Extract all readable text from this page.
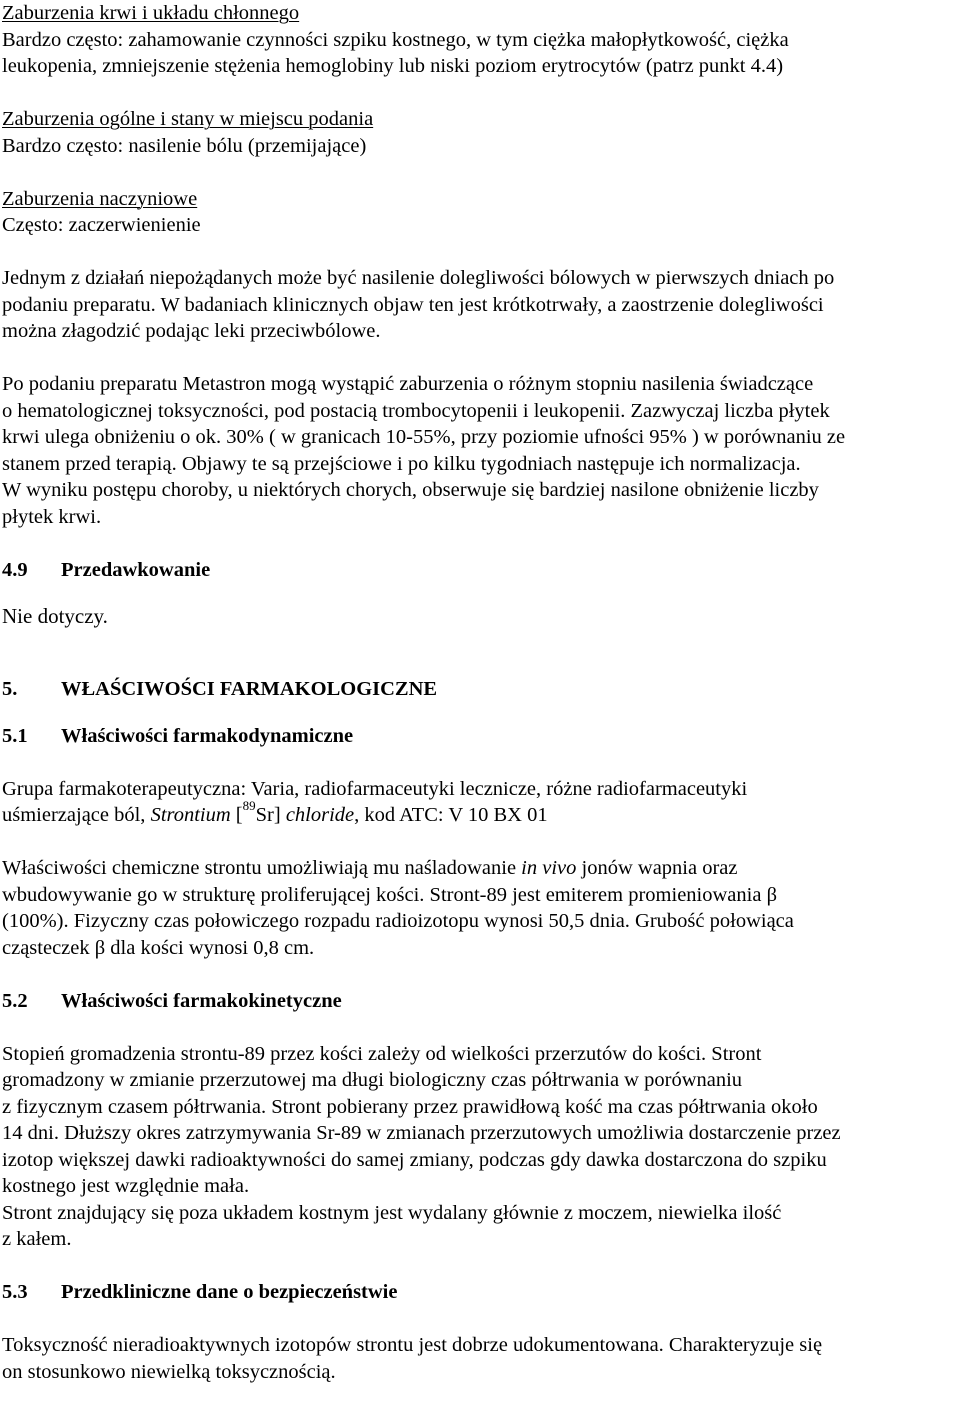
Zaburzenia krwi i układu chłonnego

Bardzo często: zahamowanie czynności szpiku kostnego, w tym ciężka małopłytkowość, ciężka

leukopenia, zmniejszenie stężenia hemoglobiny lub niski poziom erytrocytów (patrz punkt 4.4)

Zaburzenia ogólne i stany w miejscu podania

Bardzo często: nasilenie bólu (przemijające)

Zaburzenia naczyniowe

Często: zaczerwienienie

Jednym z działań niepożądanych może być nasilenie dolegliwości bólowych w pierwszych dniach po

podaniu preparatu. W badaniach klinicznych objaw ten jest krótkotrwały, a zaostrzenie dolegliwości

można złagodzić podając leki przeciwbólowe.

Po podaniu preparatu Metastron mogą wystąpić zaburzenia o różnym stopniu nasilenia świadczące

o hematologicznej toksyczności, pod postacią trombocytopenii i leukopenii. Zazwyczaj liczba płytek

krwi ulega obniżeniu o ok. 30% ( w granicach 10-55%, przy poziomie ufności 95% ) w porównaniu ze

stanem przed terapią. Objawy te są przejściowe i po kilku tygodniach następuje ich normalizacja.

W wyniku postępu choroby, u niektórych chorych, obserwuje się bardziej nasilone obniżenie liczby

płytek krwi.

4.9 Przedawkowanie

Nie dotyczy.

5. WŁAŚCIWOŚCI FARMAKOLOGICZNE

5.1 Właściwości farmakodynamiczne

Grupa farmakoterapeutyczna: Varia, radiofarmaceutyki lecznicze, różne radiofarmaceutyki

uśmierzające ból, Strontium [$^{89}$Sr] chloride, kod ATC: V 10 BX 01

Właściwości chemiczne strontu umożliwiają mu naśladowanie in vivo jonów wapnia oraz

wbudowywanie go w strukturę proliferującej kości. Stront-89 jest emiterem promieniowania β

(100%). Fizyczny czas połowiczego rozpadu radioizotopu wynosi 50,5 dnia. Grubość połowiąca

cząsteczek β dla kości wynosi 0,8 cm.

5.2 Właściwości farmakokinetyczne

Stopień gromadzenia strontu-89 przez kości zależy od wielkości przerzutów do kości. Stront

gromadzony w zmianie przerzutowej ma długi biologiczny czas półtrwania w porównaniu

z fizycznym czasem półtrwania. Stront pobierany przez prawidłową kość ma czas półtrwania około

14 dni. Dłuższy okres zatrzymywania Sr-89 w zmianach przerzutowych umożliwia dostarczenie przez

izotop większej dawki radioaktywności do samej zmiany, podczas gdy dawka dostarczona do szpiku

kostnego jest względnie mała.

Stront znajdujący się poza układem kostnym jest wydalany głównie z moczem, niewielka ilość

z kałem.

5.3 Przedkliniczne dane o bezpieczeństwie

Toksyczność nieradioaktywnych izotopów strontu jest dobrze udokumentowana. Charakteryzuje się

on stosunkowo niewielką toksycznością.
